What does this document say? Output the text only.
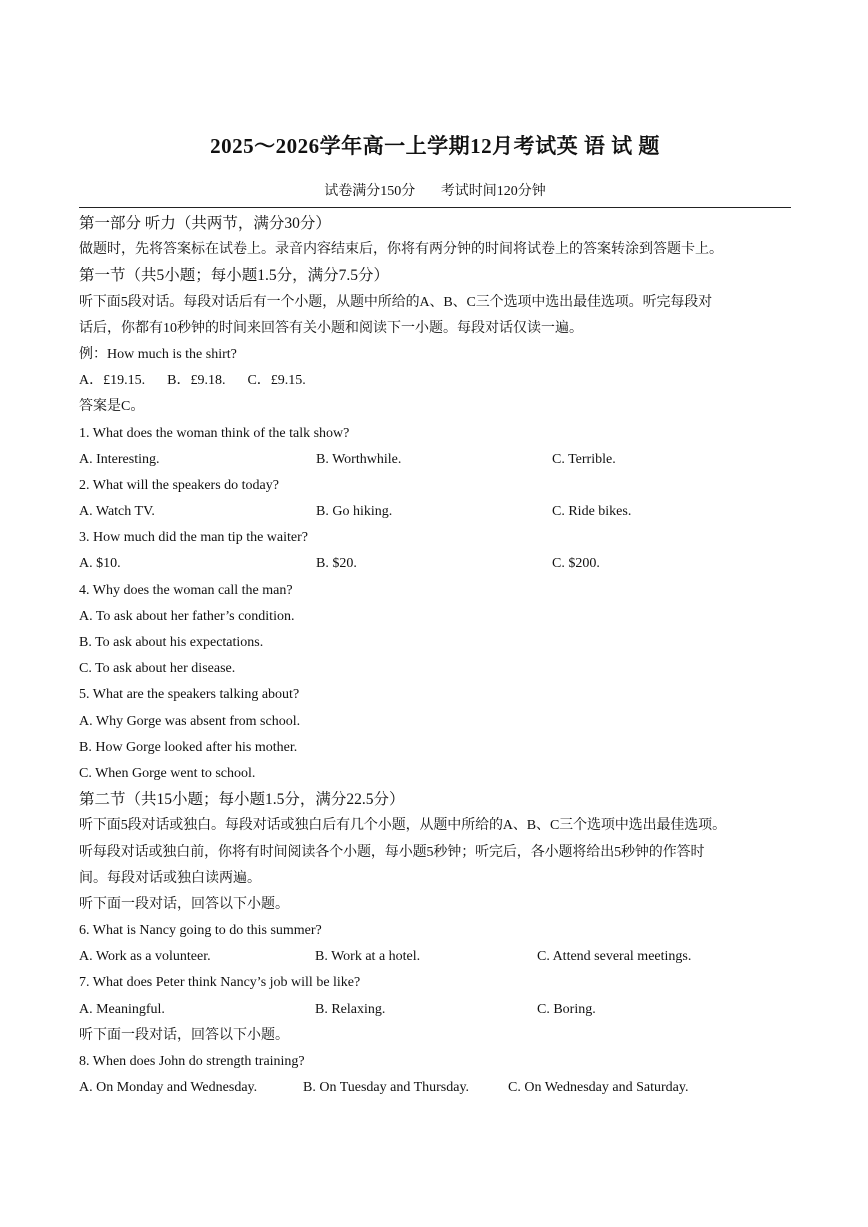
2025～2026学年高一上学期12月考试英 语 试 题
试卷满分150分 考试时间120分钟
第一部分 听力（共两节，满分30分）
做题时，先将答案标在试卷上。录音内容结束后，你将有两分钟的时间将试卷上的答案转涂到答题卡上。
第一节（共5小题；每小题1.5分，满分7.5分）
听下面5段对话。每段对话后有一个小题，从题中所给的A、B、C三个选项中选出最佳选项。听完每段对
话后，你都有10秒钟的时间来回答有关小题和阅读下一小题。每段对话仅读一遍。
例：How much is the shirt?
A．£19.15. B．£9.18. C．£9.15.
答案是C。
1. What does the woman think of the talk show?
A. Interesting.	B. Worthwhile.	C. Terrible.
2. What will the speakers do today?
A. Watch TV.	B. Go hiking.	C. Ride bikes.
3. How much did the man tip the waiter?
A. $10.	B. $20.	C. $200.
4. Why does the woman call the man?
A. To ask about her father’s condition.
B. To ask about his expectations.
C. To ask about her disease.
5. What are the speakers talking about?
A. Why Gorge was absent from school.
B. How Gorge looked after his mother.
C. When Gorge went to school.
第二节（共15小题；每小题1.5分，满分22.5分）
听下面5段对话或独白。每段对话或独白后有几个小题，从题中所给的A、B、C三个选项中选出最佳选项。
听每段对话或独白前，你将有时间阅读各个小题，每小题5秒钟；听完后，各小题将给出5秒钟的作答时
间。每段对话或独白读两遍。
听下面一段对话，回答以下小题。
6. What is Nancy going to do this summer?
A. Work as a volunteer.	B. Work at a hotel.	C. Attend several meetings.
7. What does Peter think Nancy’s job will be like?
A. Meaningful.	B. Relaxing.	C. Boring.
听下面一段对话，回答以下小题。
8. When does John do strength training?
A. On Monday and Wednesday.	B. On Tuesday and Thursday.	C. On Wednesday and Saturday.
